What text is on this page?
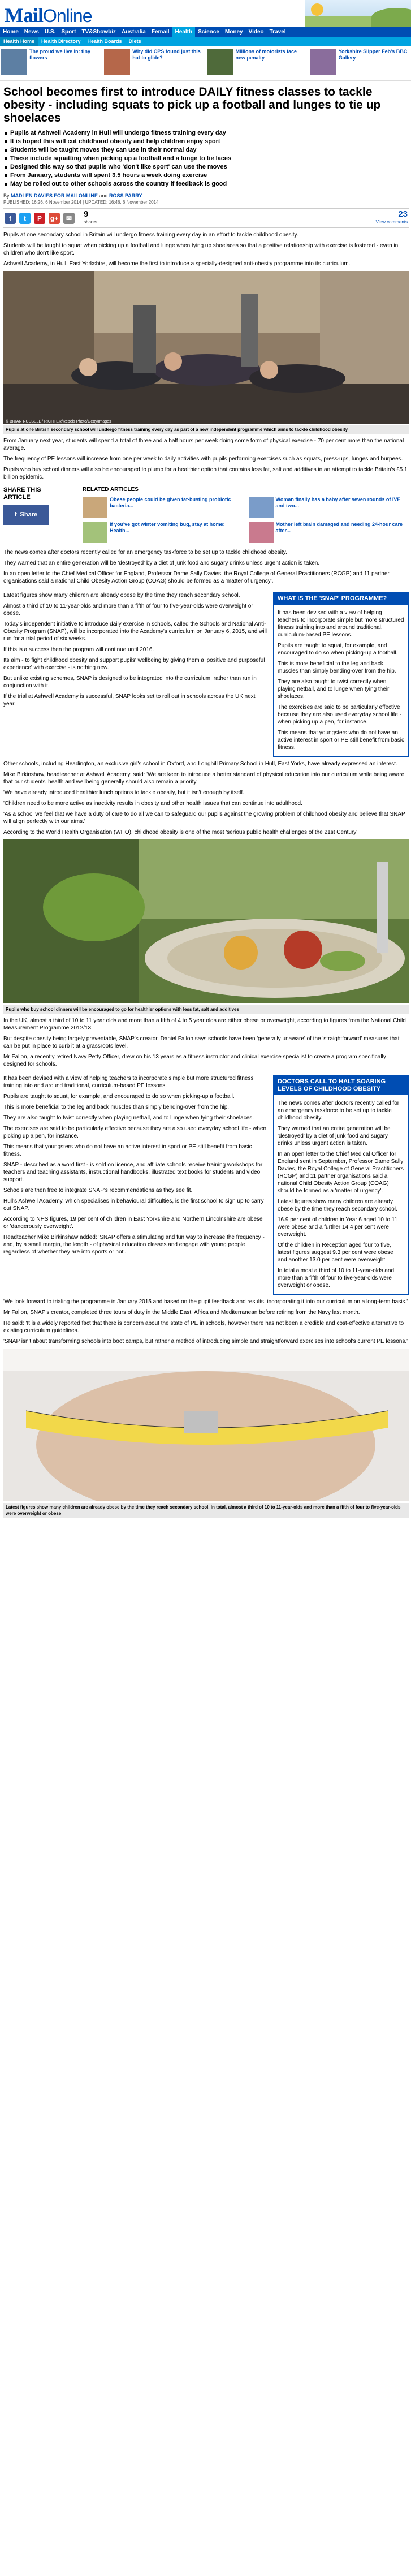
MailOnline
Home	News	U.S.	Sport	TV&Showbiz	Australia	Femail	Health	Science	Money	Video	Travel
Health Home	Health Directory	Health Boards	Diets
The proud we live in: tiny flowers
Why did CPS found just this hat to glide?
Millions of motorists face new penalty
Yorkshire Slipper Feb's BBC Gallery
School becomes first to introduce DAILY fitness classes to tackle obesity - including squats to pick up a football and lunges to tie up shoelaces
Pupils at Ashwell Academy in Hull will undergo fitness training every day
It is hoped this will cut childhood obesity and help children enjoy sport
Students will be taught moves they can use in their normal day
These include squatting when picking up a football and a lunge to tie laces
Designed this way so that pupils who 'don't like sport' can use the moves
From January, students will spent 3.5 hours a week doing exercise
May be rolled out to other schools across the country if feedback is good
By MADLEN DAVIES FOR MAILONLINE and ROSS PARRY
PUBLISHED: 16:26, 6 November 2014 | UPDATED: 16:46, 6 November 2014
f	t	P	g+	✉	9
shares
23
View comments

Pupils at one secondary school in Britain will undergo fitness training every day in an effort to tackle childhood obesity.

Students will be taught to squat when picking up a football and lunge when tying up shoelaces so that a positive relationship with exercise is fostered - even in children who don't like sport.

Ashwell Academy, in Hull, East Yorkshire, will become the first to introduce a specially-designed anti-obesity programme into its curriculum.

© BRIAN RUSSELL / RICHTER/Rebels Photo/Getty/Images
Pupils at one British secondary school will undergo fitness training every day as part of a new independent programme which aims to tackle childhood obesity

From January next year, students will spend a total of three and a half hours per week doing some form of physical exercise - 70 per cent more than the national average.

The frequency of PE lessons will increase from one per week to daily activities with pupils performing exercises such as squats, press-ups, lunges and burpees.

Pupils who buy school dinners will also be encouraged to plump for a healthier option that contains less fat, salt and additives in an attempt to tackle Britain's £5.1 billion epidemic.

SHARE THIS
ARTICLE
f Share
RELATED ARTICLES
Obese people could be given fat-busting probiotic bacteria...
Woman finally has a baby after seven rounds of IVF and two...
If you've got winter vomiting bug, stay at home: Health...
Mother left brain damaged and needing 24-hour care after...

The news comes after doctors recently called for an emergency taskforce to be set up to tackle childhood obesity.

They warned that an entire generation will be 'destroyed' by a diet of junk food and sugary drinks unless urgent action is taken.

In an open letter to the Chief Medical Officer for England, Professor Dame Sally Davies, the Royal College of General Practitioners (RCGP) and 11 partner organisations said a national Child Obesity Action Group (COAG) should be formed as a 'matter of urgency'.

Latest figures show many children are already obese by the time they reach secondary school.

Almost a third of 10 to 11-year-olds and more than a fifth of four to five-year-olds were overweight or obese.

Today's independent initiative to introduce daily exercise in schools, called the Schools and National Anti-Obesity Program (SNAP), will be incorporated into the Academy's curriculum on January 6, 2015, and will run for a trial period of six weeks.

If this is a success then the program will continue until 2016.

Its aim - to fight childhood obesity and support pupils' wellbeing by giving them a 'positive and purposeful experience' with exercise - is nothing new.

But unlike existing schemes, SNAP is designed to be integrated into the curriculum, rather than run in conjunction with it.

If the trial at Ashwell Academy is successful, SNAP looks set to roll out in schools across the UK next year.

WHAT IS THE 'SNAP' PROGRAMME?

It has been devised with a view of helping teachers to incorporate simple but more structured fitness training into and around traditional, curriculum-based PE lessons.

Pupils are taught to squat, for example, and encouraged to do so when picking-up a football.

This is more beneficial to the leg and back muscles than simply bending-over from the hip.

They are also taught to twist correctly when playing netball, and to lunge when tying their shoelaces.

The exercises are said to be particularly effective because they are also used everyday school life - when picking up a pen, for instance.

This means that youngsters who do not have an active interest in sport or PE still benefit from basic fitness.

Other schools, including Headington, an exclusive girl's school in Oxford, and Longhill Primary School in Hull, East Yorks, have already expressed an interest.

Mike Birkinshaw, headteacher at Ashwell Academy, said: 'We are keen to introduce a better standard of physical education into our curriculum while being aware that our students' health and wellbeing generally should also remain a priority.

'We have already introduced healthier lunch options to tackle obesity, but it isn't enough by itself.

'Children need to be more active as inactivity results in obesity and other health issues that can continue into adulthood.

'As a school we feel that we have a duty of care to do all we can to safeguard our pupils against the growing problem of childhood obesity and believe that SNAP will align perfectly with our aims.'

According to the World Health Organisation (WHO), childhood obesity is one of the most 'serious public health challenges of the 21st Century'.

Pupils who buy school dinners will be encouraged to go for healthier options with less fat, salt and additives

In the UK, almost a third of 10 to 11 year olds and more than a fifth of 4 to 5 year olds are either obese or overweight, according to figures from the National Child Measurement Programme 2012/13.

But despite obesity being largely preventable, SNAP's creator, Daniel Fallon says schools have been 'generally unaware' of the 'straightforward' measures that can be put in place to curb it at a grassroots level.

Mr Fallon, a recently retired Navy Petty Officer, drew on his 13 years as a fitness instructor and clinical exercise specialist to create a program specifically designed for schools.

It has been devised with a view of helping teachers to incorporate simple but more structured fitness training into and around traditional, curriculum-based PE lessons.

Pupils are taught to squat, for example, and encouraged to do so when picking-up a football.

This is more beneficial to the leg and back muscles than simply bending-over from the hip.

They are also taught to twist correctly when playing netball, and to lunge when tying their shoelaces.

The exercises are said to be particularly effective because they are also used everyday school life - when picking up a pen, for instance.

This means that youngsters who do not have an active interest in sport or PE still benefit from basic fitness.

SNAP - described as a word first - is sold on licence, and affiliate schools receive training workshops for teachers and teaching assistants, instructional handbooks, illustrated text books for students and video support.

Schools are then free to integrate SNAP's recommendations as they see fit.

Hull's Ashwell Academy, which specialises in behavioural difficulties, is the first school to sign up to carry out SNAP.

According to NHS figures, 19 per cent of children in East Yorkshire and Northern Lincolnshire are obese or 'dangerously overweight'.

Headteacher Mike Birkinshaw added: 'SNAP offers a stimulating and fun way to increase the frequency - and, by a small margin, the length - of physical education classes and engage with young people regardless of whether they are into sports or not'.

DOCTORS CALL TO HALT SOARING LEVELS OF CHILDHOOD OBESITY

The news comes after doctors recently called for an emergency taskforce to be set up to tackle childhood obesity.

They warned that an entire generation will be 'destroyed' by a diet of junk food and sugary drinks unless urgent action is taken.

In an open letter to the Chief Medical Officer for England sent in September, Professor Dame Sally Davies, the Royal College of General Practitioners (RCGP) and 11 partner organisations said a national Child Obesity Action Group (COAG) should be formed as a 'matter of urgency'.

Latest figures show many children are already obese by the time they reach secondary school.

16.9 per cent of children in Year 6 aged 10 to 11 were obese and a further 14.4 per cent were overweight.

Of the children in Reception aged four to five, latest figures suggest 9.3 per cent were obese and another 13.0 per cent were overweight.

In total almost a third of 10 to 11-year-olds and more than a fifth of four to five-year-olds were overweight or obese.

'We look forward to trialing the programme in January 2015 and based on the pupil feedback and results, incorporating it into our curriculum on a long-term basis.'

Mr Fallon, SNAP's creator, completed three tours of duty in the Middle East, Africa and Mediterranean before retiring from the Navy last month.

He said: 'It is a widely reported fact that there is concern about the state of PE in schools, however there has not been a credible and cost-effective alternative to existing curriculum guidelines.

'SNAP isn't about transforming schools into boot camps, but rather a method of introducing simple and straightforward exercises into school's current PE lessons.'

Latest figures show many children are already obese by the time they reach secondary school. In total, almost a third of 10 to 11-year-olds and more than a fifth of four to five-year-olds were overweight or obese
